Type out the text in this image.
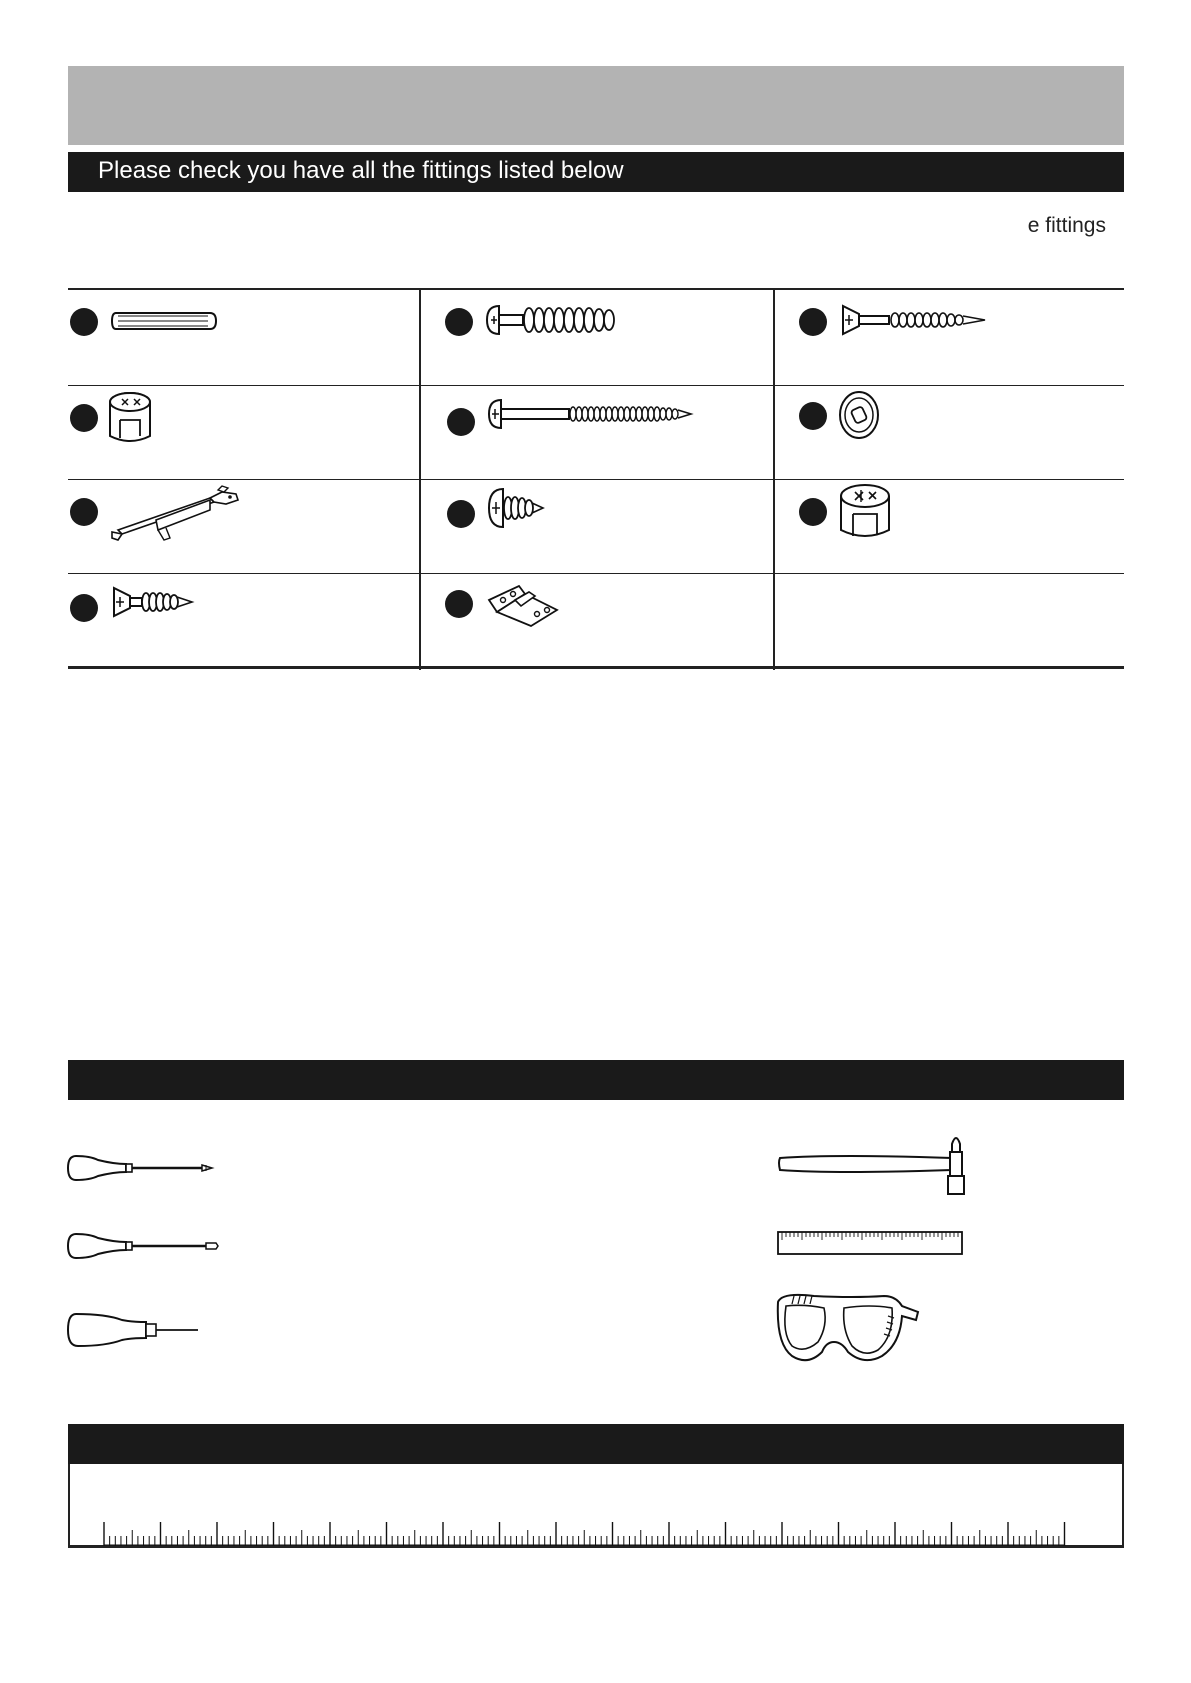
Please check you have all the fittings listed below
e fittings
